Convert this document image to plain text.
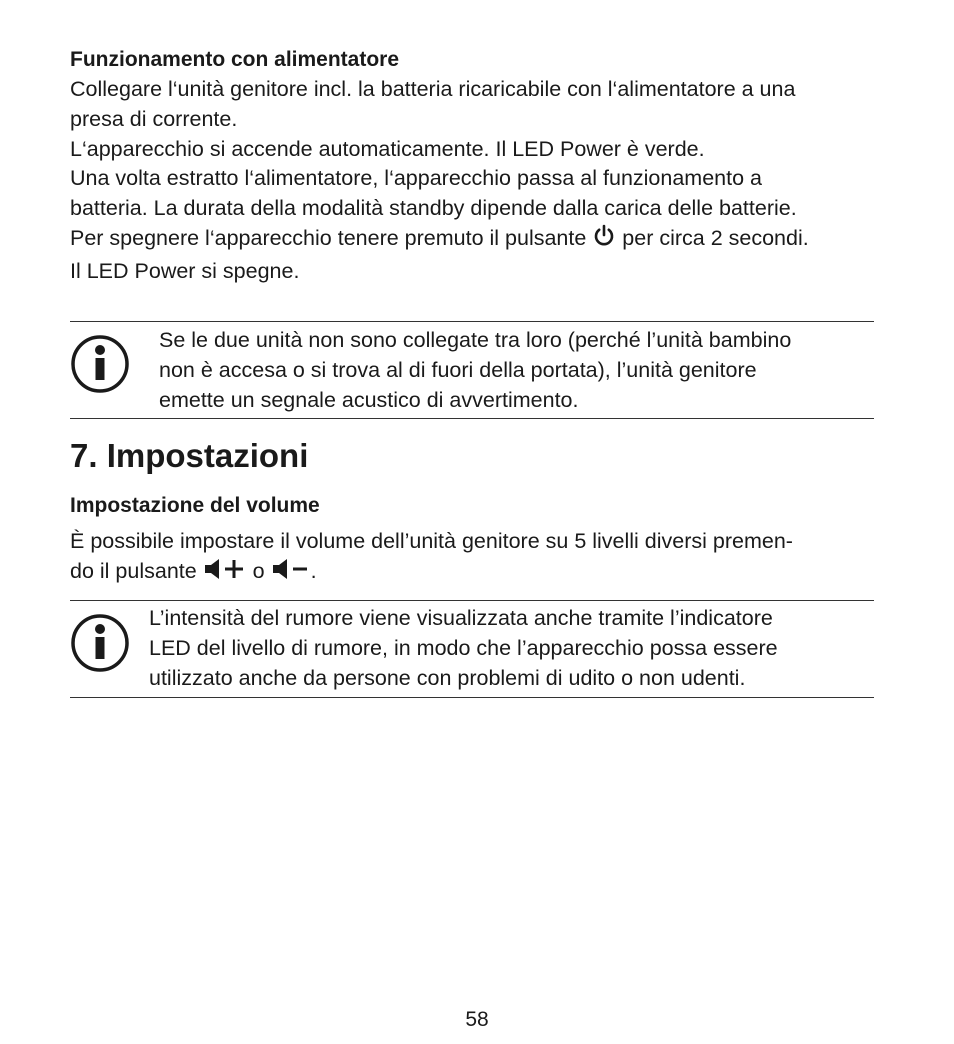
Funzionamento con alimentatore

Collegare l‘unità genitore incl. la batteria ricaricabile con l‘alimentatore a una
presa di corrente.
L‘apparecchio si accende automaticamente. Il LED Power è verde.
Una volta estratto l‘alimentatore, l‘apparecchio passa al funzionamento a
batteria. La durata della modalità standby dipende dalla carica delle batterie.
Per spegnere l‘apparecchio tenere premuto il pulsante  per circa 2 secondi.
Il LED Power si spegne.

Se le due unità non sono collegate tra loro (perché l’unità bambino
non è accesa o si trova al di fuori della portata), l’unità genitore
emette un segnale acustico di avvertimento.
7. Impostazioni

Impostazione del volume

È possibile impostare il volume dell’unità genitore su 5 livelli diversi premen-
do il pulsante  o .

L’intensità del rumore viene visualizzata anche tramite l’indicatore
LED del livello di rumore, in modo che l’apparecchio possa essere
utilizzato anche da persone con problemi di udito o non udenti.
58
